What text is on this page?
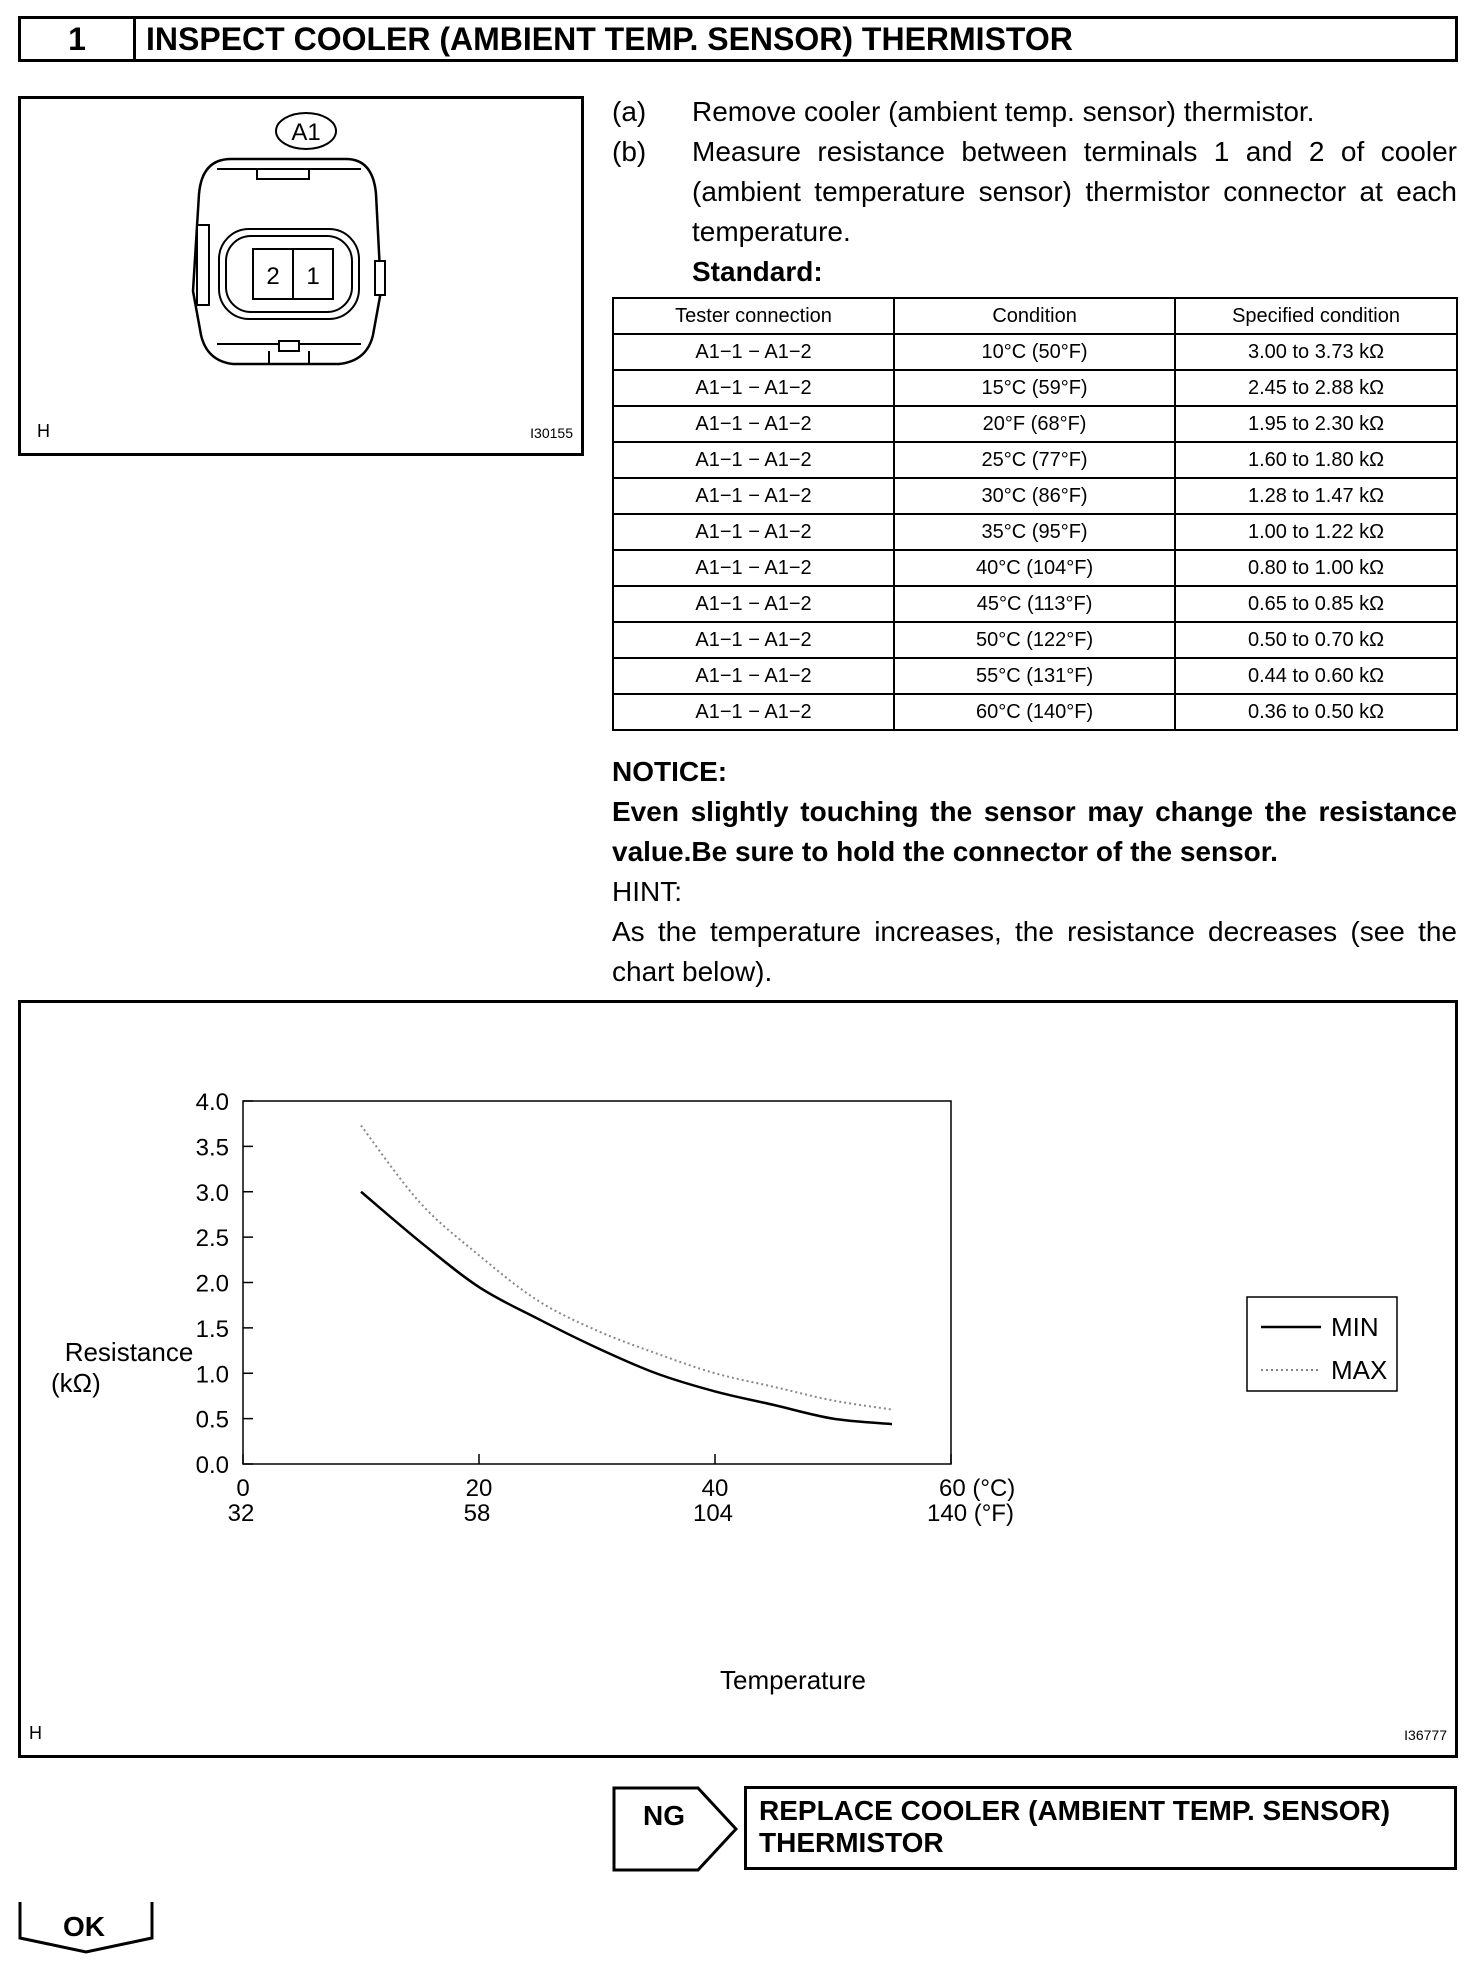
1	INSPECT COOLER (AMBIENT TEMP. SENSOR) THERMISTOR
A1
2 1
H	I30155
(a)	Remove cooler (ambient temp. sensor) thermistor.
(b)	Measure resistance between terminals 1 and 2 of cooler (ambient temperature sensor) thermistor connector at each temperature.
Standard:
Tester connection	Condition	Specified condition
A1−1 − A1−2	10°C (50°F)	3.00 to 3.73 kΩ
A1−1 − A1−2	15°C (59°F)	2.45 to 2.88 kΩ
A1−1 − A1−2	20°F (68°F)	1.95 to 2.30 kΩ
A1−1 − A1−2	25°C (77°F)	1.60 to 1.80 kΩ
A1−1 − A1−2	30°C (86°F)	1.28 to 1.47 kΩ
A1−1 − A1−2	35°C (95°F)	1.00 to 1.22 kΩ
A1−1 − A1−2	40°C (104°F)	0.80 to 1.00 kΩ
A1−1 − A1−2	45°C (113°F)	0.65 to 0.85 kΩ
A1−1 − A1−2	50°C (122°F)	0.50 to 0.70 kΩ
A1−1 − A1−2	55°C (131°F)	0.44 to 0.60 kΩ
A1−1 − A1−2	60°C (140°F)	0.36 to 0.50 kΩ
NOTICE:
Even slightly touching the sensor may change the resistance value.Be sure to hold the connector of the sensor.
HINT:
As the temperature increases, the resistance decreases (see the chart below).
0.0
0.5
1.0
1.5
2.0
2.5
3.0
3.5
4.0
0
32
20
58
40
104
60 (°C)
140 (°F)
Resistance
(kΩ)
Temperature
MIN
MAX
H	I36777
NG	REPLACE COOLER (AMBIENT TEMP. SENSOR)
THERMISTOR
OK
